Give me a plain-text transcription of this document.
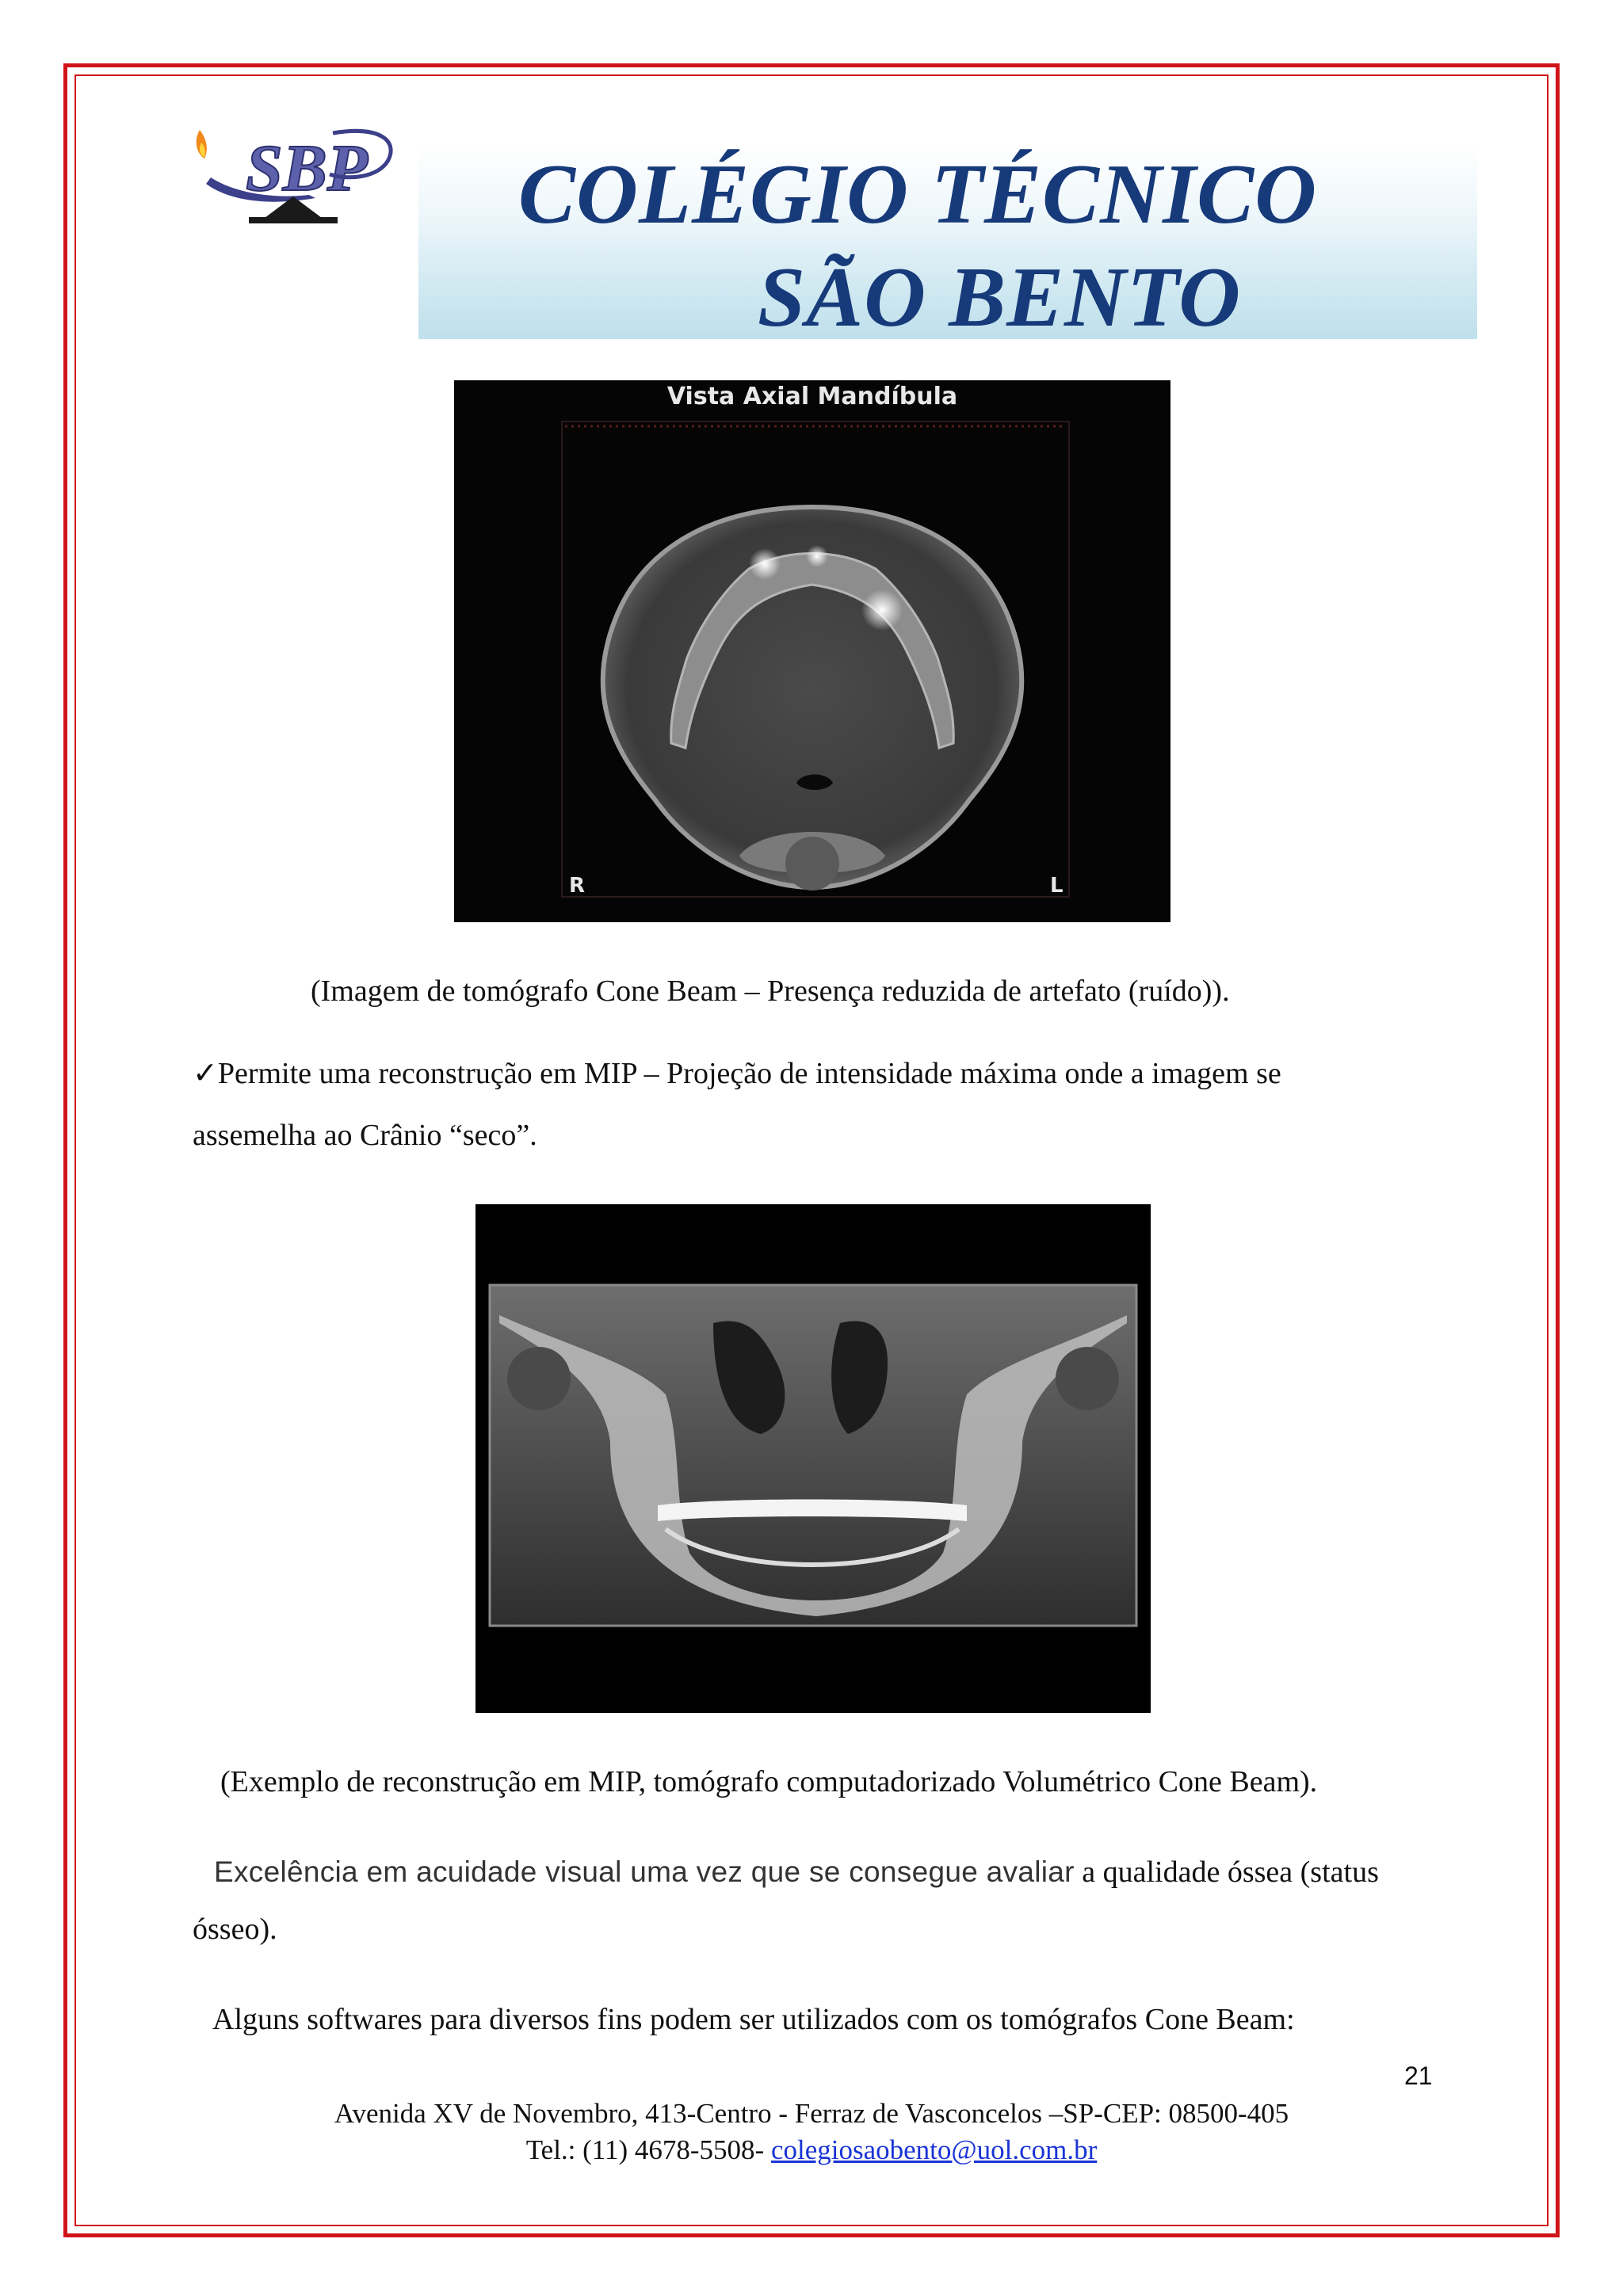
SBP COLÉGIO TÉCNICO
SÃO BENTO
Vista Axial Mandíbula
R	L
(Imagem de tomógrafo Cone Beam – Presença reduzida de artefato (ruído)).
✓Permite uma reconstrução em MIP – Projeção de intensidade máxima onde a imagem se
assemelha ao Crânio “seco”.
(Exemplo de reconstrução em MIP, tomógrafo computadorizado Volumétrico Cone Beam).
Excelência em acuidade visual uma vez que se consegue avaliar a qualidade óssea (status
ósseo).
Alguns softwares para diversos fins podem ser utilizados com os tomógrafos Cone Beam:
21
Avenida XV de Novembro, 413-Centro - Ferraz de Vasconcelos –SP-CEP: 08500-405
Tel.: (11) 4678-5508- colegiosaobento@uol.com.br
